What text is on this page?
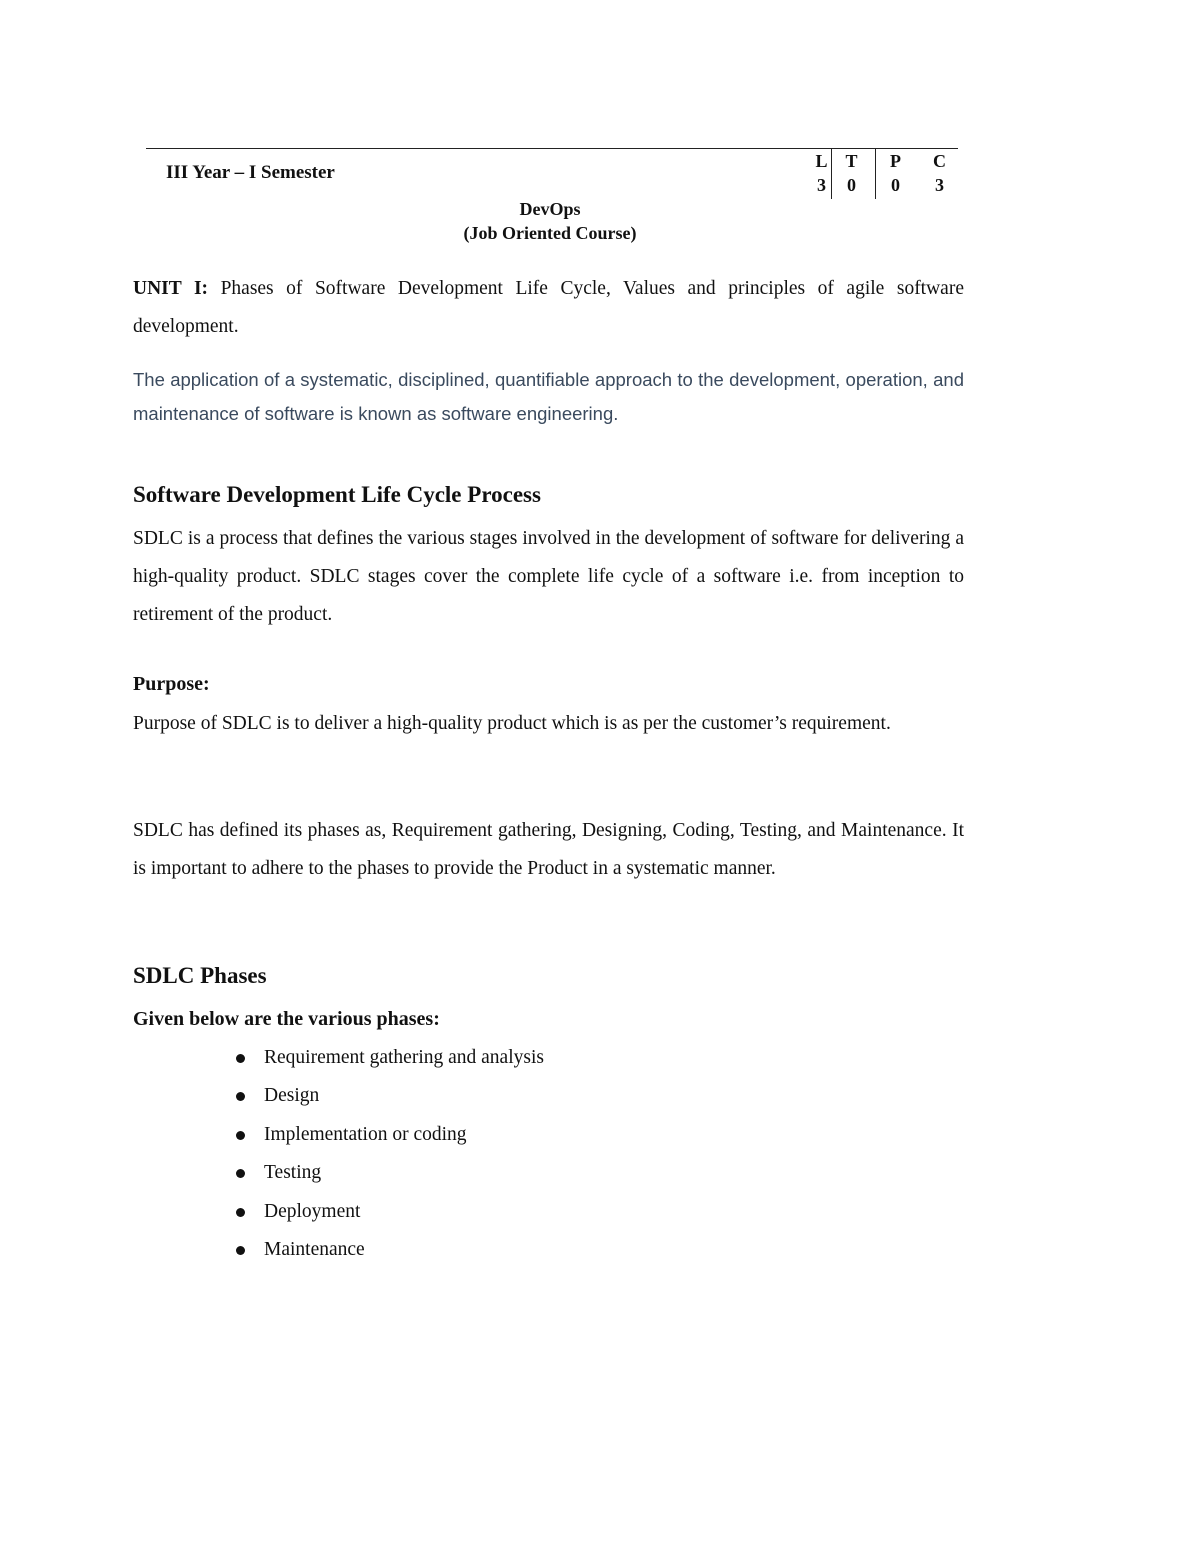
III Year – I Semester
L
3
T
0
P
0
C
3
DevOps
(Job Oriented Course)

UNIT I: Phases of Software Development Life Cycle, Values and principles of agile software development.

The application of a systematic, disciplined, quantifiable approach to the development, operation, and maintenance of software is known as software engineering.

Software Development Life Cycle Process

SDLC is a process that defines the various stages involved in the development of software for delivering a high-quality product. SDLC stages cover the complete life cycle of a software i.e. from inception to retirement of the product.

Purpose:

Purpose of SDLC is to deliver a high-quality product which is as per the customer’s requirement.

SDLC has defined its phases as, Requirement gathering, Designing, Coding, Testing, and Maintenance. It is important to adhere to the phases to provide the Product in a systematic manner.

SDLC Phases
Given below are the various phases:
Requirement gathering and analysis
Design
Implementation or coding
Testing
Deployment
Maintenance
